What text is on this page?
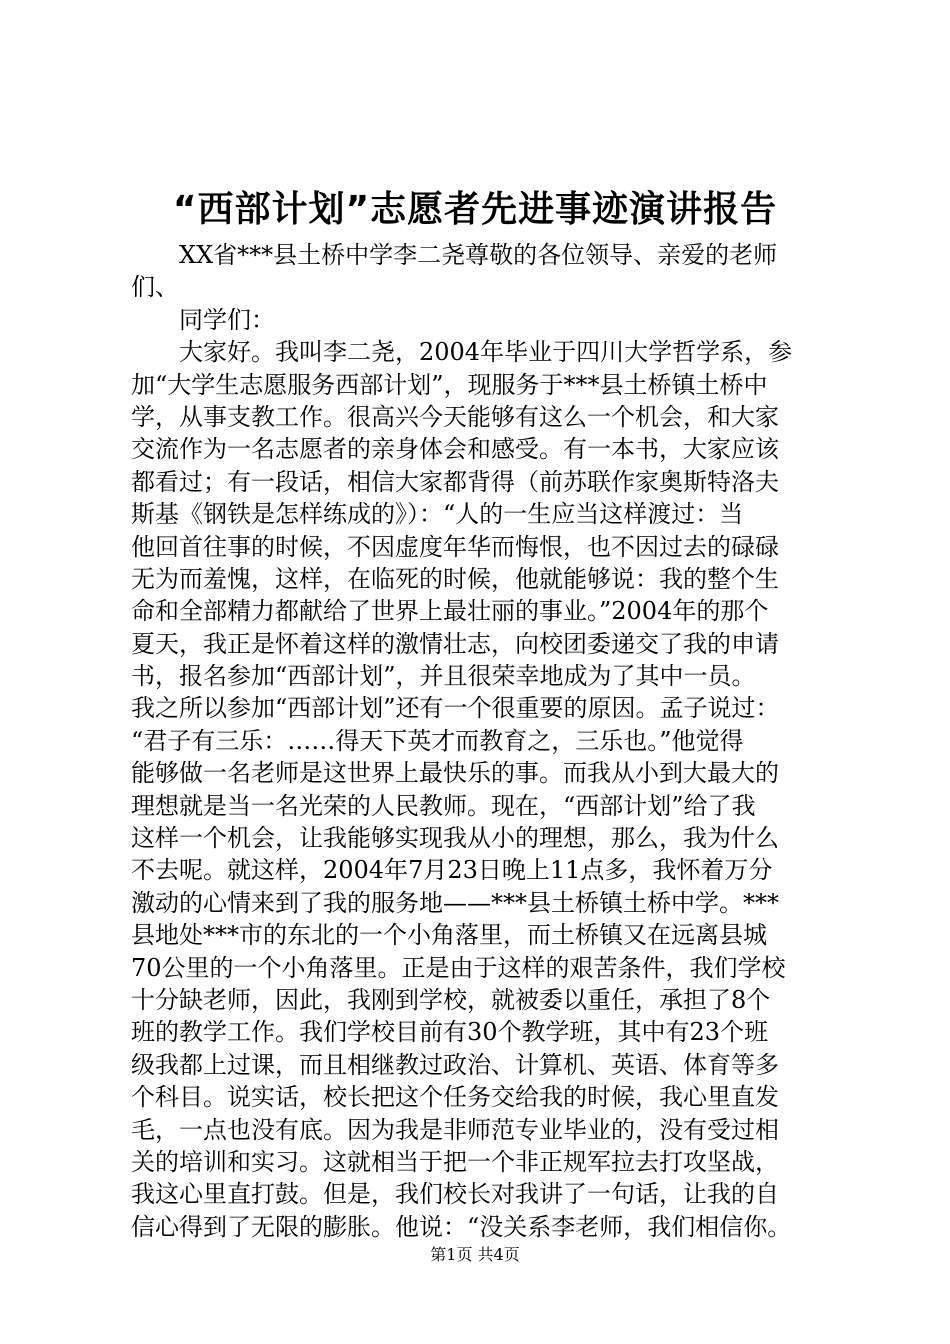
“西部计划”志愿者先进事迹演讲报告
XX省***县土桥中学李二尧尊敬的各位领导、亲爱的老师
们、
同学们：
大家好。我叫李二尧，2004年毕业于四川大学哲学系，参
加“大学生志愿服务西部计划”，现服务于***县土桥镇土桥中
学，从事支教工作。很高兴今天能够有这么一个机会，和大家
交流作为一名志愿者的亲身体会和感受。有一本书，大家应该
都看过；有一段话，相信大家都背得（前苏联作家奥斯特洛夫
斯基《钢铁是怎样练成的》）：“人的一生应当这样渡过：当
他回首往事的时候，不因虚度年华而悔恨，也不因过去的碌碌
无为而羞愧，这样，在临死的时候，他就能够说：我的整个生
命和全部精力都献给了世界上最壮丽的事业。”2004年的那个
夏天，我正是怀着这样的激情壮志，向校团委递交了我的申请
书，报名参加“西部计划”，并且很荣幸地成为了其中一员。
我之所以参加“西部计划”还有一个很重要的原因。孟子说过：
“君子有三乐：……得天下英才而教育之，三乐也。”他觉得
能够做一名老师是这世界上最快乐的事。而我从小到大最大的
理想就是当一名光荣的人民教师。现在，“西部计划”给了我
这样一个机会，让我能够实现我从小的理想，那么，我为什么
不去呢。就这样，2004年7月23日晚上11点多，我怀着万分
激动的心情来到了我的服务地——***县土桥镇土桥中学。***
县地处***市的东北的一个小角落里，而土桥镇又在远离县城
70公里的一个小角落里。正是由于这样的艰苦条件，我们学校
十分缺老师，因此，我刚到学校，就被委以重任，承担了8个
班的教学工作。我们学校目前有30个教学班，其中有23个班
级我都上过课，而且相继教过政治、计算机、英语、体育等多
个科目。说实话，校长把这个任务交给我的时候，我心里直发
毛，一点也没有底。因为我是非师范专业毕业的，没有受过相
关的培训和实习。这就相当于把一个非正规军拉去打攻坚战，
我这心里直打鼓。但是，我们校长对我讲了一句话，让我的自
信心得到了无限的膨胀。他说：“没关系李老师，我们相信你。
第1页 共4页
